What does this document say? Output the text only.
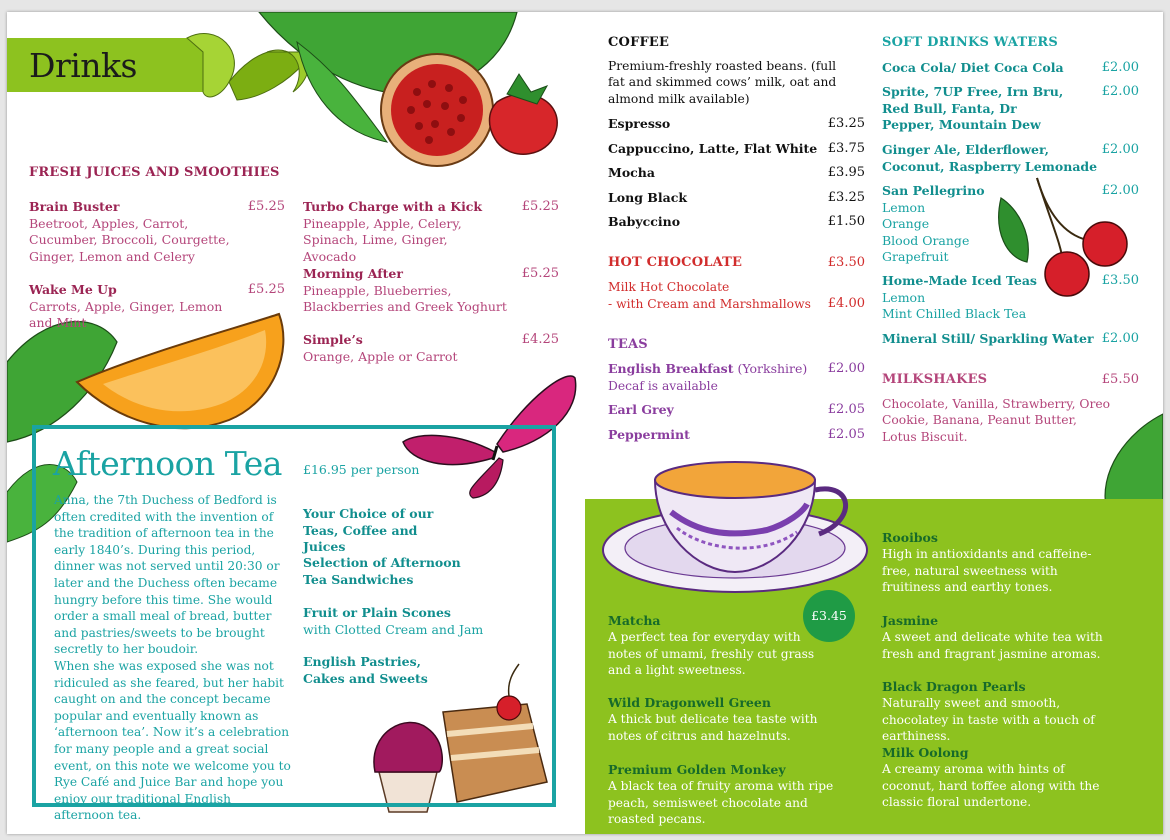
Drinks
FRESH JUICES AND SMOOTHIES
Brain Buster
Beetroot, Apples, Carrot, Cucumber, Broccoli, Courgette, Ginger, Lemon and Celery
£5.25
Wake Me Up
Carrots, Apple, Ginger, Lemon and Mint
£5.25
Turbo Charge with a Kick
Pineapple, Apple, Celery, Spinach, Lime, Ginger, Avocado
£5.25
Morning After
Pineapple, Blueberries, Blackberries and Greek Yoghurt
£5.25
Simple’s
Orange, Apple or Carrot
£4.25
COFFEE
Premium-freshly roasted beans. (full fat and skimmed cows’ milk, oat and almond milk available)
Espresso	£3.25
Cappuccino, Latte, Flat White £3.75
Mocha	£3.95
Long Black	£3.25
Babyccino	£1.50
HOT CHOCOLATE	£3.50
Milk Hot Chocolate
- with Cream and Marshmallows	£4.00
TEAS
English Breakfast (Yorkshire)
Decaf is available
£2.00
Earl Grey	£2.05
Peppermint	£2.05
SOFT DRINKS WATERS
Coca Cola/ Diet Coca Cola	£2.00
Sprite, 7UP Free, Irn Bru, Red Bull, Fanta, Dr Pepper, Mountain Dew
£2.00
Ginger Ale, Elderflower, Coconut, Raspberry Lemonade
£2.00
San Pellegrino
Lemon
Orange
Blood Orange
Grapefruit
£2.00
Home-Made Iced Teas
Lemon
Mint Chilled Black Tea
£3.50
Mineral Still/ Sparkling Water £2.00
MILKSHAKES	£5.50
Chocolate, Vanilla, Strawberry, Oreo Cookie, Banana, Peanut Butter, Lotus Biscuit.
Afternoon Tea £16.95 per person
Anna, the 7th Duchess of Bedford is often credited with the invention of the tradition of afternoon tea in the early 1840’s. During this period, dinner was not served until 20:30 or later and the Duchess often became hungry before this time. She would order a small meal of bread, butter and pastries/sweets to be brought secretly to her boudoir.
When she was exposed she was not ridiculed as she feared, but her habit caught on and the concept became popular and eventually known as ‘afternoon tea’. Now it’s a celebration for many people and a great social event, on this note we welcome you to Rye Café and Juice Bar and hope you enjoy our traditional English afternoon tea.
Your Choice of our Teas, Coffee and Juices
Selection of Afternoon Tea Sandwiches
Fruit or Plain Scones
with Clotted Cream and Jam
English Pastries, Cakes and Sweets
£3.45
Matcha
A perfect tea for everyday with notes of umami, freshly cut grass and a light sweetness.
Wild Dragonwell Green
A thick but delicate tea taste with notes of citrus and hazelnuts.
Premium Golden Monkey
A black tea of fruity aroma with ripe peach, semisweet chocolate and roasted pecans.
Rooibos
High in antioxidants and caffeine-free, natural sweetness with fruitiness and earthy tones.
Jasmine
A sweet and delicate white tea with fresh and fragrant jasmine aromas.
Black Dragon Pearls
Naturally sweet and smooth, chocolatey in taste with a touch of earthiness.
Milk Oolong
A creamy aroma with hints of coconut, hard toffee along with the classic floral undertone.
